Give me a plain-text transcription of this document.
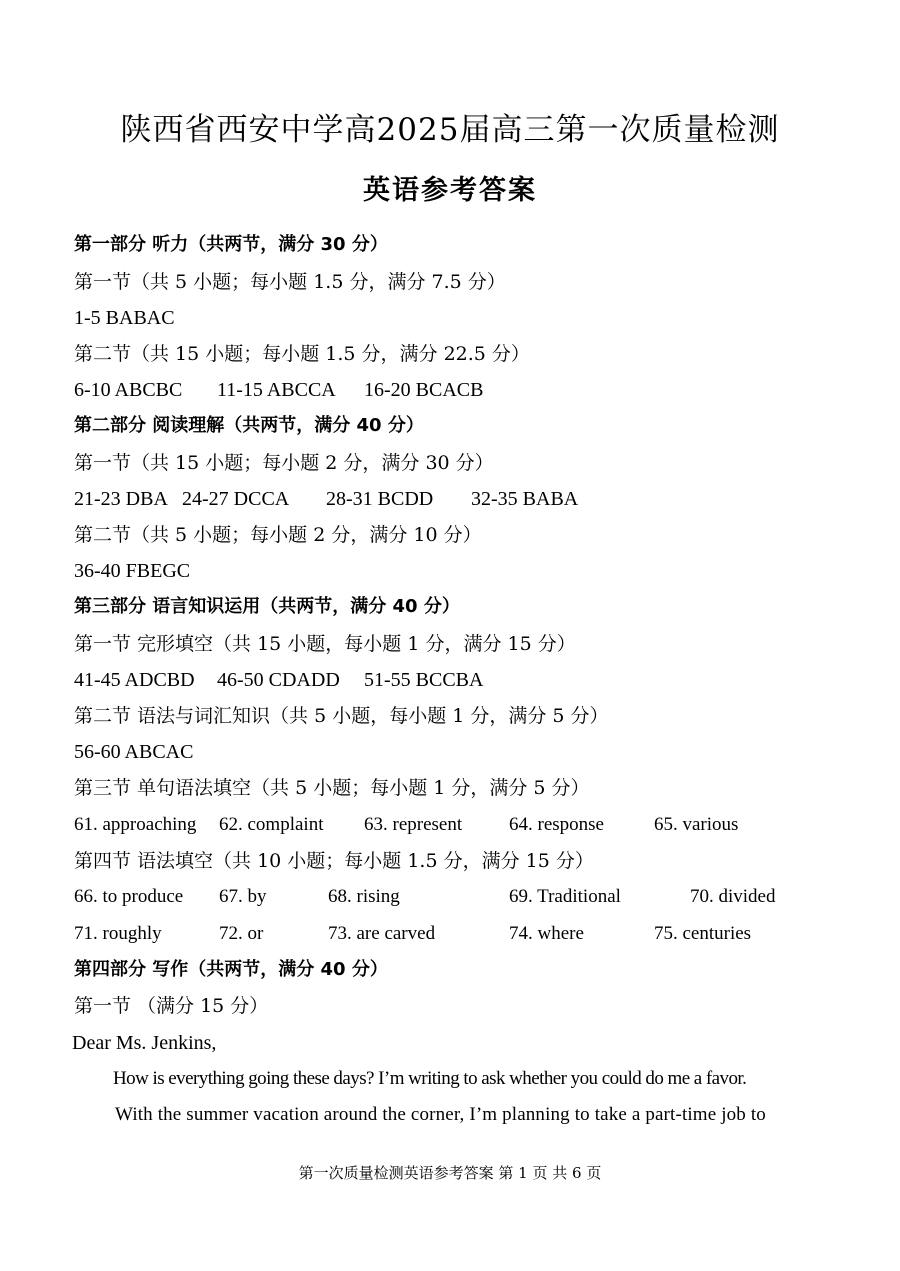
陕西省西安中学高2025届高三第一次质量检测
英语参考答案
第一部分 听力（共两节，满分 30 分）
第一节（共 5 小题；每小题 1.5 分，满分 7.5 分）
1-5 BABAC
第二节（共 15 小题；每小题 1.5 分，满分 22.5 分）
6-10 ABCBC 11-15 ABCCA 16-20 BCACB
第二部分 阅读理解（共两节，满分 40 分）
第一节（共 15 小题；每小题 2 分，满分 30 分）
21-23 DBA 24-27 DCCA 28-31 BCDD 32-35 BABA
第二节（共 5 小题；每小题 2 分，满分 10 分）
36-40 FBEGC
第三部分 语言知识运用（共两节，满分 40 分）
第一节 完形填空（共 15 小题，每小题 1 分，满分 15 分）
41-45 ADCBD 46-50 CDADD 51-55 BCCBA
第二节 语法与词汇知识（共 5 小题，每小题 1 分，满分 5 分）
56-60 ABCAC
第三节 单句语法填空（共 5 小题；每小题 1 分，满分 5 分）
61. approaching 62. complaint 63. represent 64. response	65. various
第四节 语法填空（共 10 小题；每小题 1.5 分，满分 15 分）
66. to produce 67. by	68. rising	69. Traditional	70. divided
71. roughly	72. or	73. are carved	74. where	75. centuries
第四部分 写作（共两节，满分 40 分）
第一节 （满分 15 分）
Dear Ms. Jenkins,
How is everything going these days? I’m writing to ask whether you could do me a favor.
With the summer vacation around the corner, I’m planning to take a part-time job to
第一次质量检测英语参考答案 第 1 页 共 6 页
